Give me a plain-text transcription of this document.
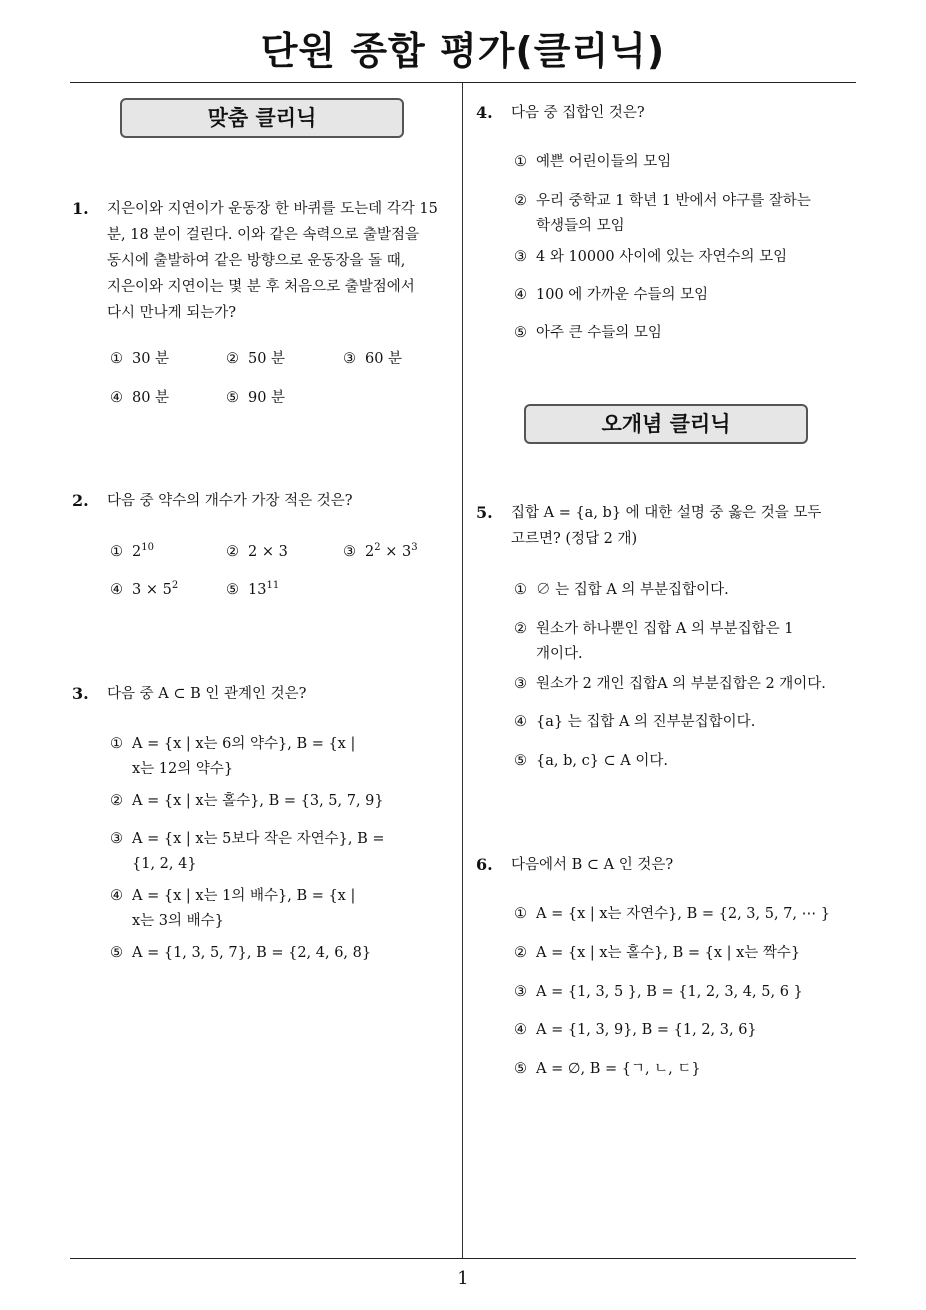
단원 종합 평가(클리닉)
1
맞춤 클리닉
1. 지은이와 지연이가 운동장 한 바퀴를 도는데 각각 15
분, 18 분이 걸린다. 이와 같은 속력으로 출발점을
동시에 출발하여 같은 방향으로 운동장을 돌 때,
지은이와 지연이는 몇 분 후 처음으로 출발점에서
다시 만나게 되는가?
① 30 분	② 50 분	③ 60 분
④ 80 분	⑤ 90 분
2. 다음 중 약수의 개수가 가장 적은 것은?
① $2^{10}$	② 2 × 3	③ $2^2 \times 3^3$
④ $3 \times 5^2$	⑤ $13^{11}$
3. 다음 중 A ⊂ B 인 관계인 것은?
① A = {x | x는 6의 약수}, B = {x |
x는 12의 약수}
② A = {x | x는 홀수}, B = {3, 5, 7, 9}
③ A = {x | x는 5보다 작은 자연수}, B =
{1, 2, 4}
④ A = {x | x는 1의 배수}, B = {x |
x는 3의 배수}
⑤ A = {1, 3, 5, 7}, B = {2, 4, 6, 8}
4. 다음 중 집합인 것은?
① 예쁜 어린이들의 모임
② 우리 중학교 1 학년 1 반에서 야구를 잘하는
학생들의 모임
③ 4 와 10000 사이에 있는 자연수의 모임
④ 100 에 가까운 수들의 모임
⑤ 아주 큰 수들의 모임
오개념 클리닉
5. 집합 A = {a, b} 에 대한 설명 중 옳은 것을 모두
고르면? (정답 2 개)
① ∅ 는 집합 A 의 부분집합이다.
② 원소가 하나뿐인 집합 A 의 부분집합은 1
개이다.
③ 원소가 2 개인 집합A 의 부분집합은 2 개이다.
④ {a} 는 집합 A 의 진부분집합이다.
⑤ {a, b, c} ⊂ A 이다.
6. 다음에서 B ⊂ A 인 것은?
① A = {x | x는 자연수}, B = {2, 3, 5, 7, ⋯ }
② A = {x | x는 홀수}, B = {x | x는 짝수}
③ A = {1, 3, 5 }, B = {1, 2, 3, 4, 5, 6 }
④ A = {1, 3, 9}, B = {1, 2, 3, 6}
⑤ A = ∅, B = {ㄱ, ㄴ, ㄷ}
